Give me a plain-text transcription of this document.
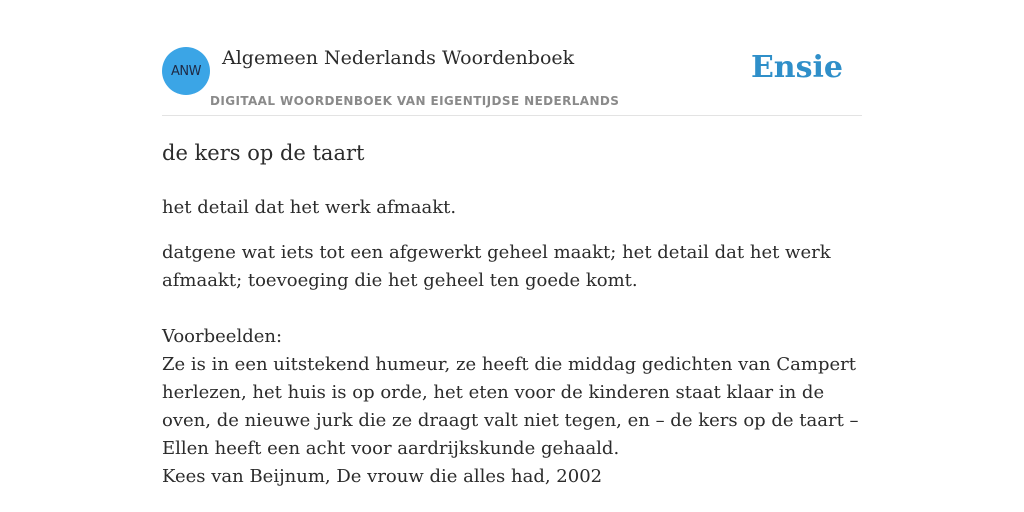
ANW
Algemeen Nederlands Woordenboek
DIGITAAL WOORDENBOEK VAN EIGENTIJDSE NEDERLANDS
Ensie
de kers op de taart
het detail dat het werk afmaakt.

datgene wat iets tot een afgewerkt geheel maakt; het detail dat het werk afmaakt; toevoeging die het geheel ten goede komt.

Voorbeelden:

Ze is in een uitstekend humeur, ze heeft die middag gedichten van Campert herlezen, het huis is op orde, het eten voor de kinderen staat klaar in de oven, de nieuwe jurk die ze draagt valt niet tegen, en – de kers op de taart – Ellen heeft een acht voor aardrijkskunde gehaald.

Kees van Beijnum, De vrouw die alles had, 2002
